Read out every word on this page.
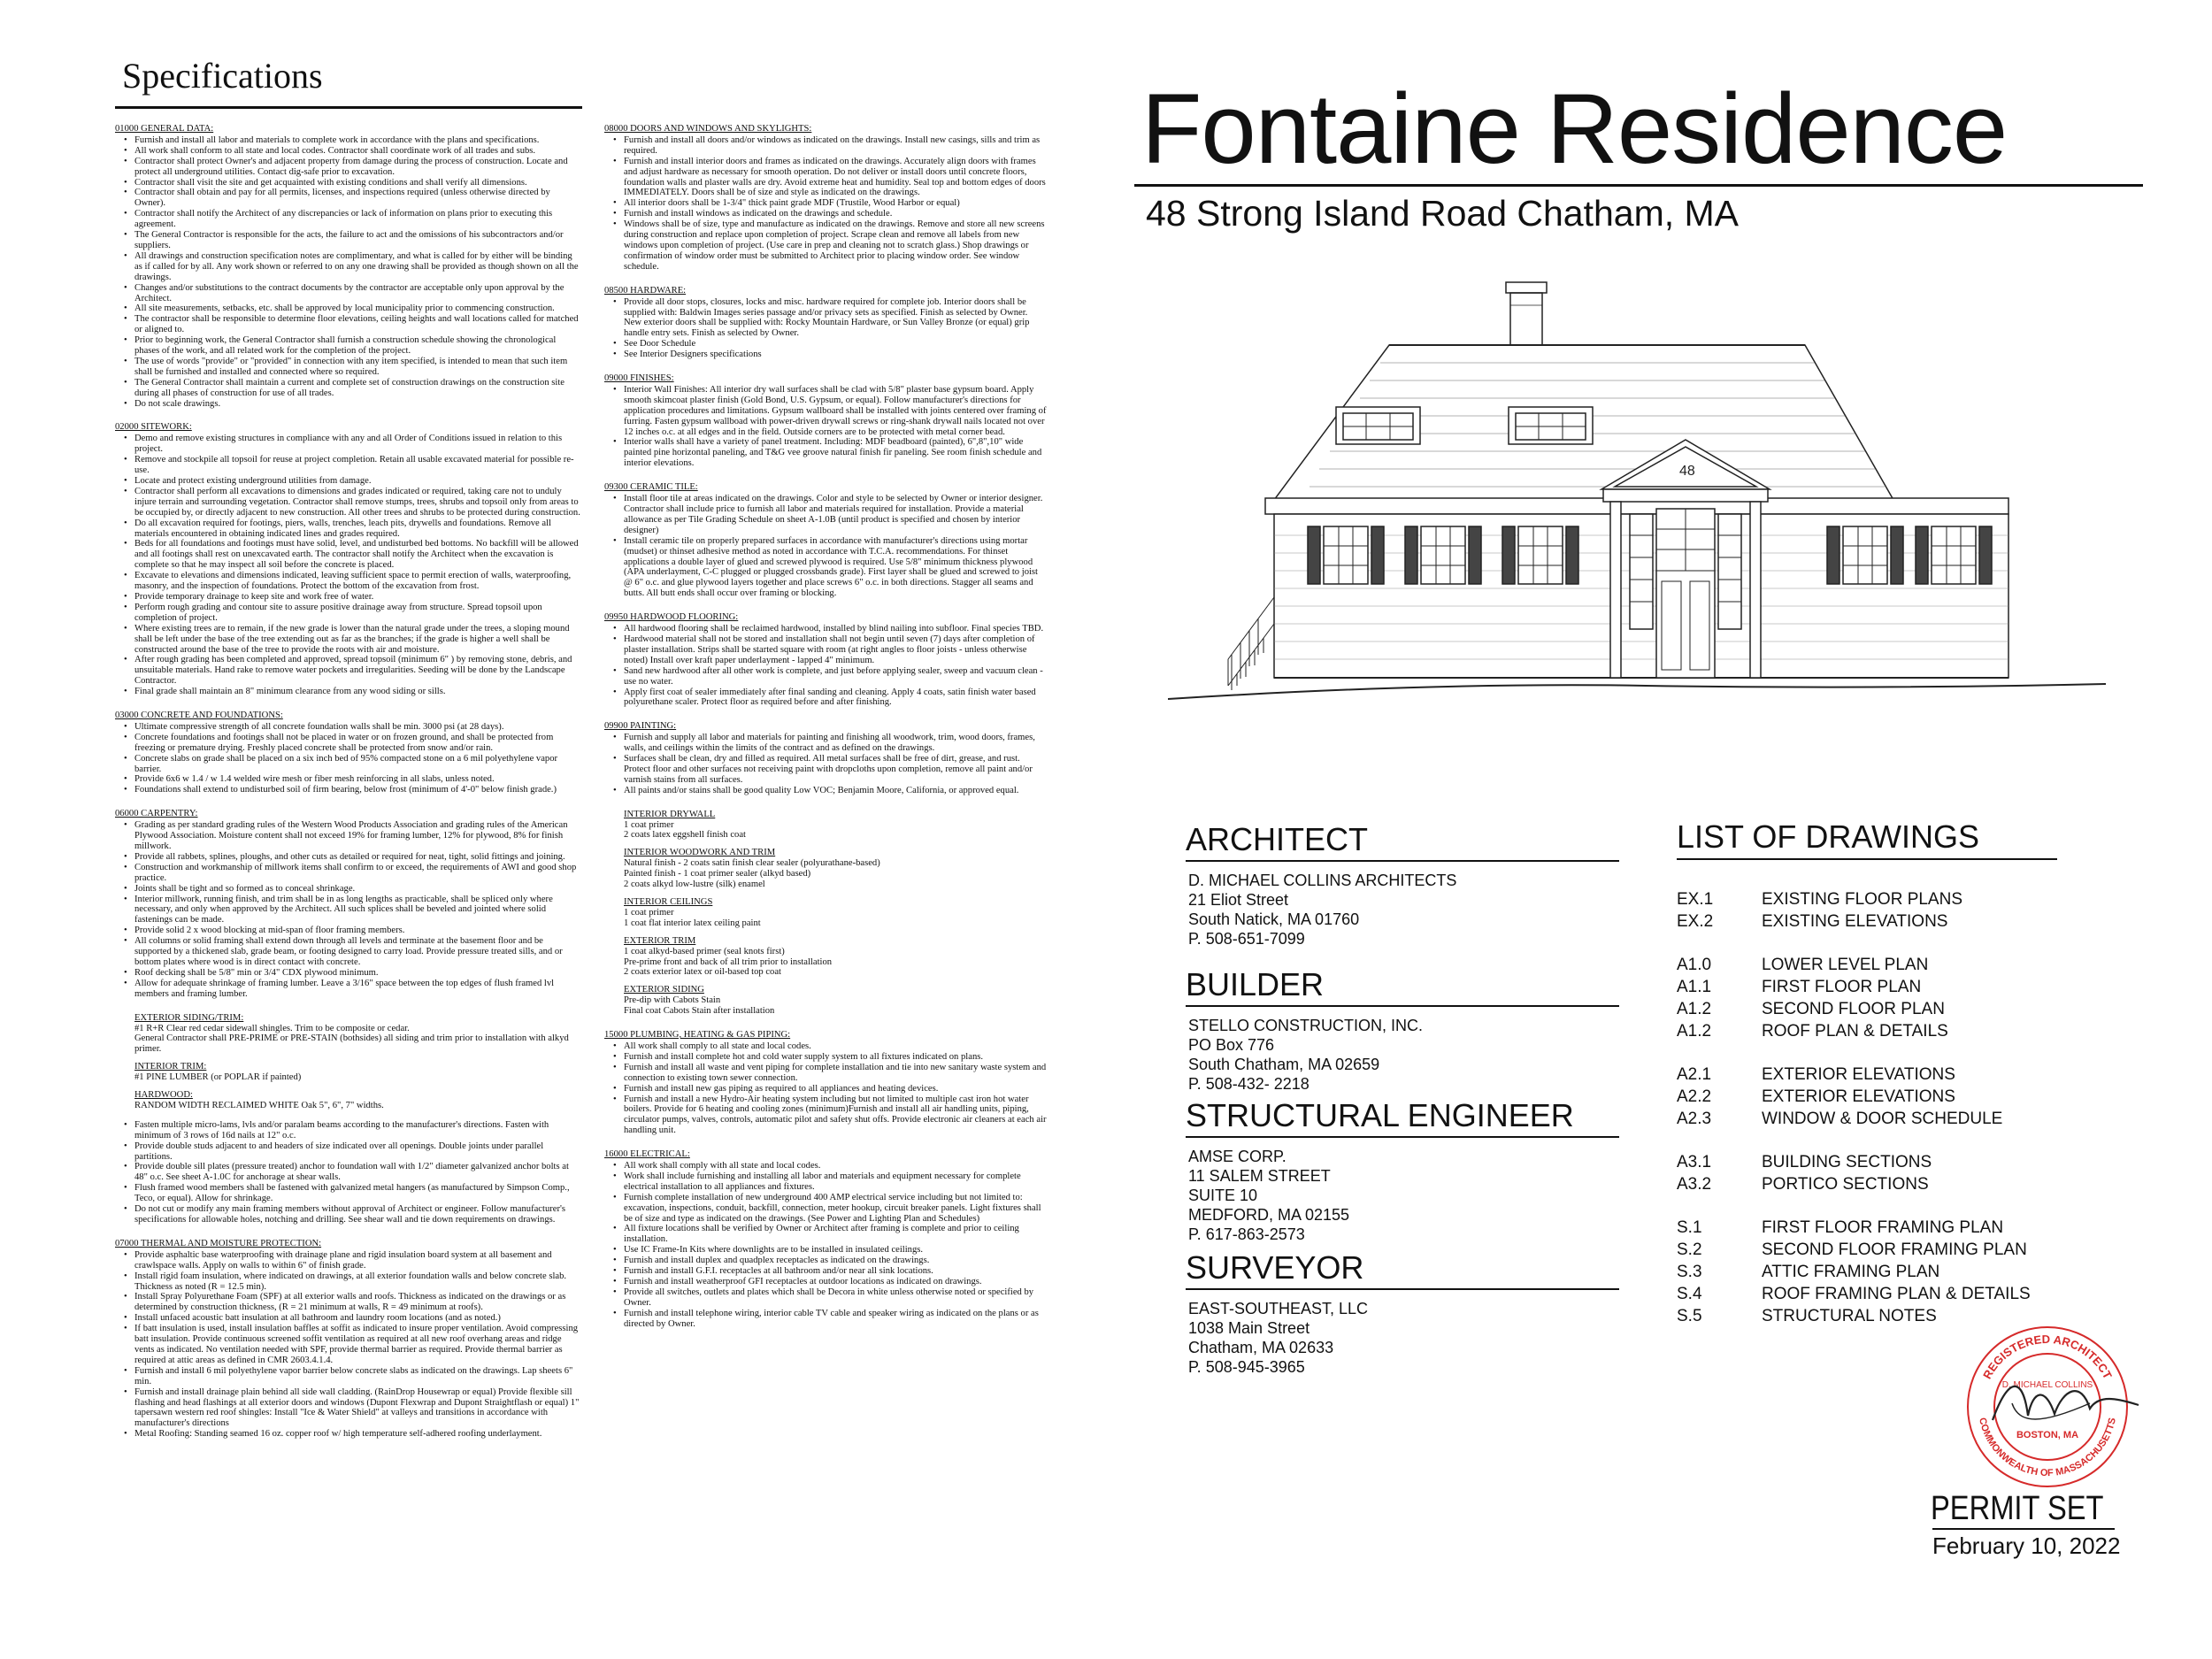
Specifications
01000 GENERAL DATA:
• Furnish and install all labor and materials to complete work in accordance with the plans and specifications.
• All work shall conform to all state and local codes. Contractor shall coordinate work of all trades and subs.
• Contractor shall protect Owner's and adjacent property from damage during the process of construction. Locate and protect all underground utilities. Contact dig-safe prior to excavation.
• Contractor shall visit the site and get acquainted with existing conditions and shall verify all dimensions.
• Contractor shall obtain and pay for all permits, licenses, and inspections required (unless otherwise directed by Owner).
• Contractor shall notify the Architect of any discrepancies or lack of information on plans prior to executing this agreement.
• The General Contractor is responsible for the acts, the failure to act and the omissions of his subcontractors and/or suppliers.
• All drawings and construction specification notes are complimentary, and what is called for by either will be binding as if called for by all. Any work shown or referred to on any one drawing shall be provided as though shown on all the drawings.
• Changes and/or substitutions to the contract documents by the contractor are acceptable only upon approval by the Architect.
• All site measurements, setbacks, etc. shall be approved by local municipality prior to commencing construction.
• The contractor shall be responsible to determine floor elevations, ceiling heights and wall locations called for matched or aligned to.
• Prior to beginning work, the General Contractor shall furnish a construction schedule showing the chronological phases of the work, and all related work for the completion of the project.
• The use of words "provide" or "provided" in connection with any item specified, is intended to mean that such item shall be furnished and installed and connected where so required.
• The General Contractor shall maintain a current and complete set of construction drawings on the construction site during all phases of construction for use of all trades.
• Do not scale drawings.
02000 SITEWORK:
• Demo and remove existing structures in compliance with any and all Order of Conditions issued in relation to this project.
• Remove and stockpile all topsoil for reuse at project completion. Retain all usable excavated material for possible re-use.
• Locate and protect existing underground utilities from damage.
• Contractor shall perform all excavations to dimensions and grades indicated or required, taking care not to unduly injure terrain and surrounding vegetation. Contractor shall remove stumps, trees, shrubs and topsoil only from areas to be occupied by, or directly adjacent to new construction. All other trees and shrubs to be protected during construction.
• Do all excavation required for footings, piers, walls, trenches, leach pits, drywells and foundations. Remove all materials encountered in obtaining indicated lines and grades required.
• Beds for all foundations and footings must have solid, level, and undisturbed bed bottoms. No backfill will be allowed and all footings shall rest on unexcavated earth. The contractor shall notify the Architect when the excavation is complete so that he may inspect all soil before the concrete is placed.
• Excavate to elevations and dimensions indicated, leaving sufficient space to permit erection of walls, waterproofing, masonry, and the inspection of foundations. Protect the bottom of the excavation from frost.
• Provide temporary drainage to keep site and work free of water.
• Perform rough grading and contour site to assure positive drainage away from structure. Spread topsoil upon completion of project.
• Where existing trees are to remain, if the new grade is lower than the natural grade under the trees, a sloping mound shall be left under the base of the tree extending out as far as the branches; if the grade is higher a well shall be constructed around the base of the tree to provide the roots with air and moisture.
• After rough grading has been completed and approved, spread topsoil (minimum 6" ) by removing stone, debris, and unsuitable materials. Hand rake to remove water pockets and irregularities. Seeding will be done by the Landscape Contractor.
• Final grade shall maintain an 8" minimum clearance from any wood siding or sills.
03000 CONCRETE AND FOUNDATIONS:
• Ultimate compressive strength of all concrete foundation walls shall be min. 3000 psi (at 28 days).
• Concrete foundations and footings shall not be placed in water or on frozen ground, and shall be protected from freezing or premature drying. Freshly placed concrete shall be protected from snow and/or rain.
• Concrete slabs on grade shall be placed on a six inch bed of 95% compacted stone on a 6 mil polyethylene vapor barrier.
• Provide 6x6 w 1.4 / w 1.4 welded wire mesh or fiber mesh reinforcing in all slabs, unless noted.
• Foundations shall extend to undisturbed soil of firm bearing, below frost (minimum of 4'-0" below finish grade.)
06000 CARPENTRY:
• Grading as per standard grading rules of the Western Wood Products Association and grading rules of the American Plywood Association. Moisture content shall not exceed 19% for framing lumber, 12% for plywood, 8% for finish millwork.
• Provide all rabbets, splines, ploughs, and other cuts as detailed or required for neat, tight, solid fittings and joining.
• Construction and workmanship of millwork items shall confirm to or exceed, the requirements of AWI and good shop practice.
• Joints shall be tight and so formed as to conceal shrinkage.
• Interior millwork, running finish, and trim shall be in as long lengths as practicable, shall be spliced only where necessary, and only when approved by the Architect. All such splices shall be beveled and jointed where solid fastenings can be made.
• Provide solid 2 x wood blocking at mid-span of floor framing members.
• All columns or solid framing shall extend down through all levels and terminate at the basement floor and be supported by a thickened slab, grade beam, or footing designed to carry load. Provide pressure treated sills, and or bottom plates where wood is in direct contact with concrete.
• Roof decking shall be 5/8" min or 3/4" CDX plywood minimum.
• Allow for adequate shrinkage of framing lumber. Leave a 3/16" space between the top edges of flush framed lvl members and framing lumber.
EXTERIOR SIDING/TRIM:
#1 R+R Clear red cedar sidewall shingles. Trim to be composite or cedar.
General Contractor shall PRE-PRIME or PRE-STAIN (bothsides) all siding and trim prior to installation with alkyd primer.
INTERIOR TRIM:
#1 PINE LUMBER (or POPLAR if painted)
HARDWOOD:
RANDOM WIDTH RECLAIMED WHITE Oak 5", 6", 7" widths.
• Fasten multiple micro-lams, lvls and/or paralam beams according to the manufacturer's directions. Fasten with minimum of 3 rows of 16d nails at 12" o.c.
• Provide double studs adjacent to and headers of size indicated over all openings. Double joints under parallel partitions.
• Provide double sill plates (pressure treated) anchor to foundation wall with 1/2" diameter galvanized anchor bolts at 48" o.c. See sheet A-1.0C for anchorage at shear walls.
• Flush framed wood members shall be fastened with galvanized metal hangers (as manufactured by Simpson Comp., Teco, or equal). Allow for shrinkage.
• Do not cut or modify any main framing members without approval of Architect or engineer. Follow manufacturer's specifications for allowable holes, notching and drilling. See shear wall and tie down requirements on drawings.
07000 THERMAL AND MOISTURE PROTECTION:
• Provide asphaltic base waterproofing with drainage plane and rigid insulation board system at all basement and crawlspace walls. Apply on walls to within 6" of finish grade.
• Install rigid foam insulation, where indicated on drawings, at all exterior foundation walls and below concrete slab. Thickness as noted (R = 12.5 min).
• Install Spray Polyurethane Foam (SPF) at all exterior walls and roofs. Thickness as indicated on the drawings or as determined by construction thickness, (R = 21 minimum at walls, R = 49 minimum at roofs).
• Install unfaced acoustic batt insulation at all bathroom and laundry room locations (and as noted.)
• If batt insulation is used, install insulation baffles at soffit as indicated to insure proper ventilation. Avoid compressing batt insulation. Provide continuous screened soffit ventilation as required at all new roof overhang areas and ridge vents as indicated. No ventilation needed with SPF, provide thermal barrier as required. Provide thermal barrier as required at attic areas as defined in CMR 2603.4.1.4.
• Furnish and install 6 mil polyethylene vapor barrier below concrete slabs as indicated on the drawings. Lap sheets 6" min.
• Furnish and install drainage plain behind all side wall cladding. (RainDrop Housewrap or equal) Provide flexible sill flashing and head flashings at all exterior doors and windows (Dupont Flexwrap and Dupont Straightflash or equal) 1" tapersawn western red roof shingles: Install "Ice & Water Shield" at valleys and transitions in accordance with manufacturer's directions
• Metal Roofing: Standing seamed 16 oz. copper roof w/ high temperature self-adhered roofing underlayment.
08000 DOORS AND WINDOWS AND SKYLIGHTS:
• Furnish and install all doors and/or windows as indicated on the drawings. Install new casings, sills and trim as required.
• Furnish and install interior doors and frames as indicated on the drawings. Accurately align doors with frames and adjust hardware as necessary for smooth operation. Do not deliver or install doors until concrete floors, foundation walls and plaster walls are dry. Avoid extreme heat and humidity. Seal top and bottom edges of doors IMMEDIATELY. Doors shall be of size and style as indicated on the drawings.
• All interior doors shall be 1-3/4" thick paint grade MDF (Trustile, Wood Harbor or equal)
• Furnish and install windows as indicated on the drawings and schedule.
• Windows shall be of size, type and manufacture as indicated on the drawings. Remove and store all new screens during construction and replace upon completion of project. Scrape clean and remove all labels from new windows upon completion of project. (Use care in prep and cleaning not to scratch glass.) Shop drawings or confirmation of window order must be submitted to Architect prior to placing window order. See window schedule.
08500 HARDWARE:
• Provide all door stops, closures, locks and misc. hardware required for complete job. Interior doors shall be supplied with: Baldwin Images series passage and/or privacy sets as specified. Finish as selected by Owner. New exterior doors shall be supplied with: Rocky Mountain Hardware, or Sun Valley Bronze (or equal) grip handle entry sets. Finish as selected by Owner.
• See Door Schedule
• See Interior Designers specifications
09000 FINISHES:
• Interior Wall Finishes: All interior dry wall surfaces shall be clad with 5/8" plaster base gypsum board. Apply smooth skimcoat plaster finish (Gold Bond, U.S. Gypsum, or equal). Follow manufacturer's directions for application procedures and limitations. Gypsum wallboard shall be installed with joints centered over framing of furring. Fasten gypsum wallboad with power-driven drywall screws or ring-shank drywall nails located not over 12 inches o.c. at all edges and in the field. Outside corners are to be protected with metal corner bead.
• Interior walls shall have a variety of panel treatment. Including: MDF beadboard (painted), 6",8",10" wide painted pine horizontal paneling, and T&G vee groove natural finish fir paneling. See room finish schedule and interior elevations.
09300 CERAMIC TILE:
• Install floor tile at areas indicated on the drawings. Color and style to be selected by Owner or interior designer. Contractor shall include price to furnish all labor and materials required for installation. Provide a material allowance as per Tile Grading Schedule on sheet A-1.0B (until product is specified and chosen by interior designer)
• Install ceramic tile on properly prepared surfaces in accordance with manufacturer's directions using mortar (mudset) or thinset adhesive method as noted in accordance with T.C.A. recommendations. For thinset applications a double layer of glued and screwed plywood is required. Use 5/8" minimum thickness plywood (APA underlayment, C-C plugged or plugged crossbands grade). First layer shall be glued and screwed to joist @ 6" o.c. and glue plywood layers together and place screws 6" o.c. in both directions. Stagger all seams and butts. All butt ends shall occur over framing or blocking.
09950 HARDWOOD FLOORING:
• All hardwood flooring shall be reclaimed hardwood, installed by blind nailing into subfloor. Final species TBD.
• Hardwood material shall not be stored and installation shall not begin until seven (7) days after completion of plaster installation. Strips shall be started square with room (at right angles to floor joists - unless otherwise noted) Install over kraft paper underlayment - lapped 4" minimum.
• Sand new hardwood after all other work is complete, and just before applying sealer, sweep and vacuum clean - use no water.
• Apply first coat of sealer immediately after final sanding and cleaning. Apply 4 coats, satin finish water based polyurethane scaler. Protect floor as required before and after finishing.
09900 PAINTING:
• Furnish and supply all labor and materials for painting and finishing all woodwork, trim, wood doors, frames, walls, and ceilings within the limits of the contract and as defined on the drawings.
• Surfaces shall be clean, dry and filled as required. All metal surfaces shall be free of dirt, grease, and rust. Protect floor and other surfaces not receiving paint with dropcloths upon completion, remove all paint and/or varnish stains from all surfaces.
• All paints and/or stains shall be good quality Low VOC; Benjamin Moore, California, or approved equal.
INTERIOR DRYWALL
1 coat primer
2 coats latex eggshell finish coat
INTERIOR WOODWORK AND TRIM
Natural finish - 2 coats satin finish clear sealer (polyurathane-based)
Painted finish - 1 coat primer sealer (alkyd based)
2 coats alkyd low-lustre (silk) enamel
INTERIOR CEILINGS
1 coat primer
1 coat flat interior latex ceiling paint
EXTERIOR TRIM
1 coat alkyd-based primer (seal knots first)
Pre-prime front and back of all trim prior to installation
2 coats exterior latex or oil-based top coat
EXTERIOR SIDING
Pre-dip with Cabots Stain
Final coat Cabots Stain after installation
15000 PLUMBING, HEATING & GAS PIPING:
• All work shall comply to all state and local codes.
• Furnish and install complete hot and cold water supply system to all fixtures indicated on plans.
• Furnish and install all waste and vent piping for complete installation and tie into new sanitary waste system and connection to existing town sewer connection.
• Furnish and install new gas piping as required to all appliances and heating devices.
• Furnish and install a new Hydro-Air heating system including but not limited to multiple cast iron hot water boilers. Provide for 6 heating and cooling zones (minimum)Furnish and install all air handling units, piping, circulator pumps, valves, controls, automatic pilot and safety shut offs. Provide electronic air cleaners at each air handling unit.
16000 ELECTRICAL:
• All work shall comply with all state and local codes.
• Work shall include furnishing and installing all labor and materials and equipment necessary for complete electrical installation to all appliances and fixtures.
• Furnish complete installation of new underground 400 AMP electrical service including but not limited to: excavation, inspections, conduit, backfill, connection, meter hookup, circuit breaker panels. Light fixtures shall be of size and type as indicated on the drawings. (See Power and Lighting Plan and Schedules)
• All fixture locations shall be verified by Owner or Architect after framing is complete and prior to ceiling installation.
• Use IC Frame-In Kits where downlights are to be installed in insulated ceilings.
• Furnish and install duplex and quadplex receptacles as indicated on the drawings.
• Furnish and install G.F.I. receptacles at all bathroom and/or near all sink locations.
• Furnish and install weatherproof GFI receptacles at outdoor locations as indicated on drawings.
• Provide all switches, outlets and plates which shall be Decora in white unless otherwise noted or specified by Owner.
• Furnish and install telephone wiring, interior cable TV cable and speaker wiring as indicated on the plans or as directed by Owner.
Fontaine Residence
48 Strong Island Road Chatham, MA
48
ARCHITECT
D. MICHAEL COLLINS ARCHITECTS
21 Eliot Street
South Natick, MA 01760
P. 508-651-7099
BUILDER
STELLO CONSTRUCTION, INC.
PO Box 776
South Chatham, MA 02659
P. 508-432- 2218
STRUCTURAL ENGINEER
AMSE CORP.
11 SALEM STREET
SUITE 10
MEDFORD, MA 02155
P. 617-863-2573
SURVEYOR
EAST-SOUTHEAST, LLC
1038 Main Street
Chatham, MA 02633
P. 508-945-3965
LIST OF DRAWINGS
EX.1	EXISTING FLOOR PLANS
EX.2	EXISTING ELEVATIONS
A1.0	LOWER LEVEL PLAN
A1.1	FIRST FLOOR PLAN
A1.2	SECOND FLOOR PLAN
A1.2	ROOF PLAN & DETAILS
A2.1	EXTERIOR ELEVATIONS
A2.2	EXTERIOR ELEVATIONS
A2.3	WINDOW & DOOR SCHEDULE
A3.1	BUILDING SECTIONS
A3.2	PORTICO SECTIONS
S.1	FIRST FLOOR FRAMING PLAN
S.2	SECOND FLOOR FRAMING PLAN
S.3	ATTIC FRAMING PLAN
S.4	ROOF FRAMING PLAN & DETAILS
S.5	STRUCTURAL NOTES
REGISTERED ARCHITECT
COMMONWEALTH OF MASSACHUSETTS
D. MICHAEL COLLINS
BOSTON, MA
PERMIT SET
February 10, 2022
